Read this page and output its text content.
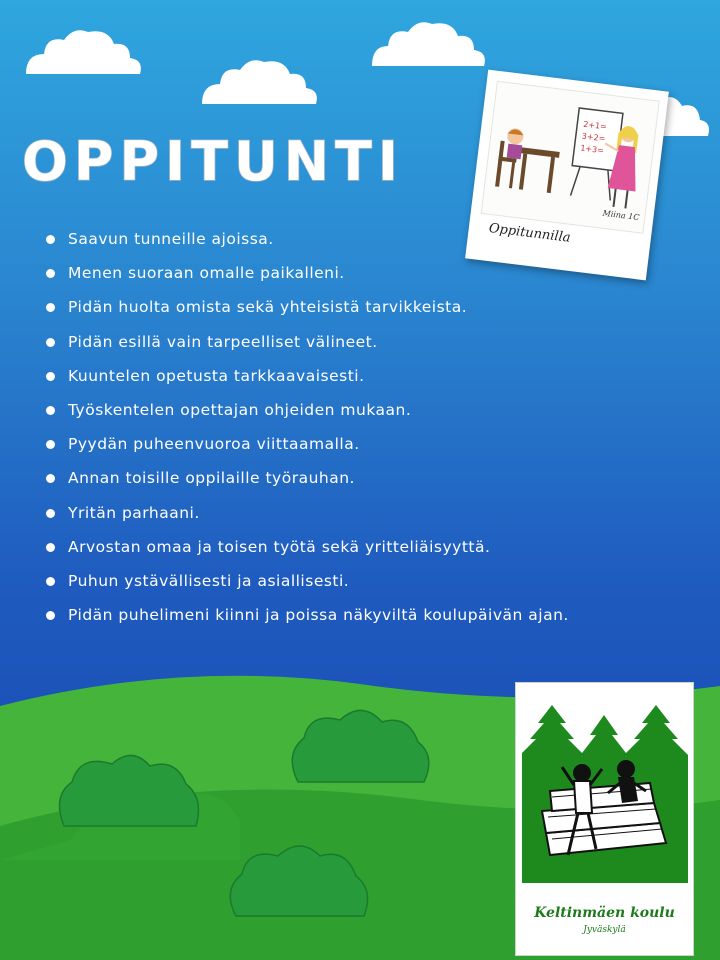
OPPITUNTI
Saavun tunneille ajoissa.
Menen suoraan omalle paikalleni.
Pidän huolta omista sekä yhteisistä tarvikkeista.
Pidän esillä vain tarpeelliset välineet.
Kuuntelen opetusta tarkkaavaisesti.
Työskentelen opettajan ohjeiden mukaan.
Pyydän puheenvuoroa viittaamalla.
Annan toisille oppilaille työrauhan.
Yritän parhaani.
Arvostan omaa ja toisen työtä sekä yritteliäisyyttä.
Puhun ystävällisesti ja asiallisesti.
Pidän puhelimeni kiinni ja poissa näkyviltä koulupäivän ajan.
2+1=
3+2=
1+3=
Miina 1C
Oppitunnilla
Keltinmäen koulu
Jyväskylä
